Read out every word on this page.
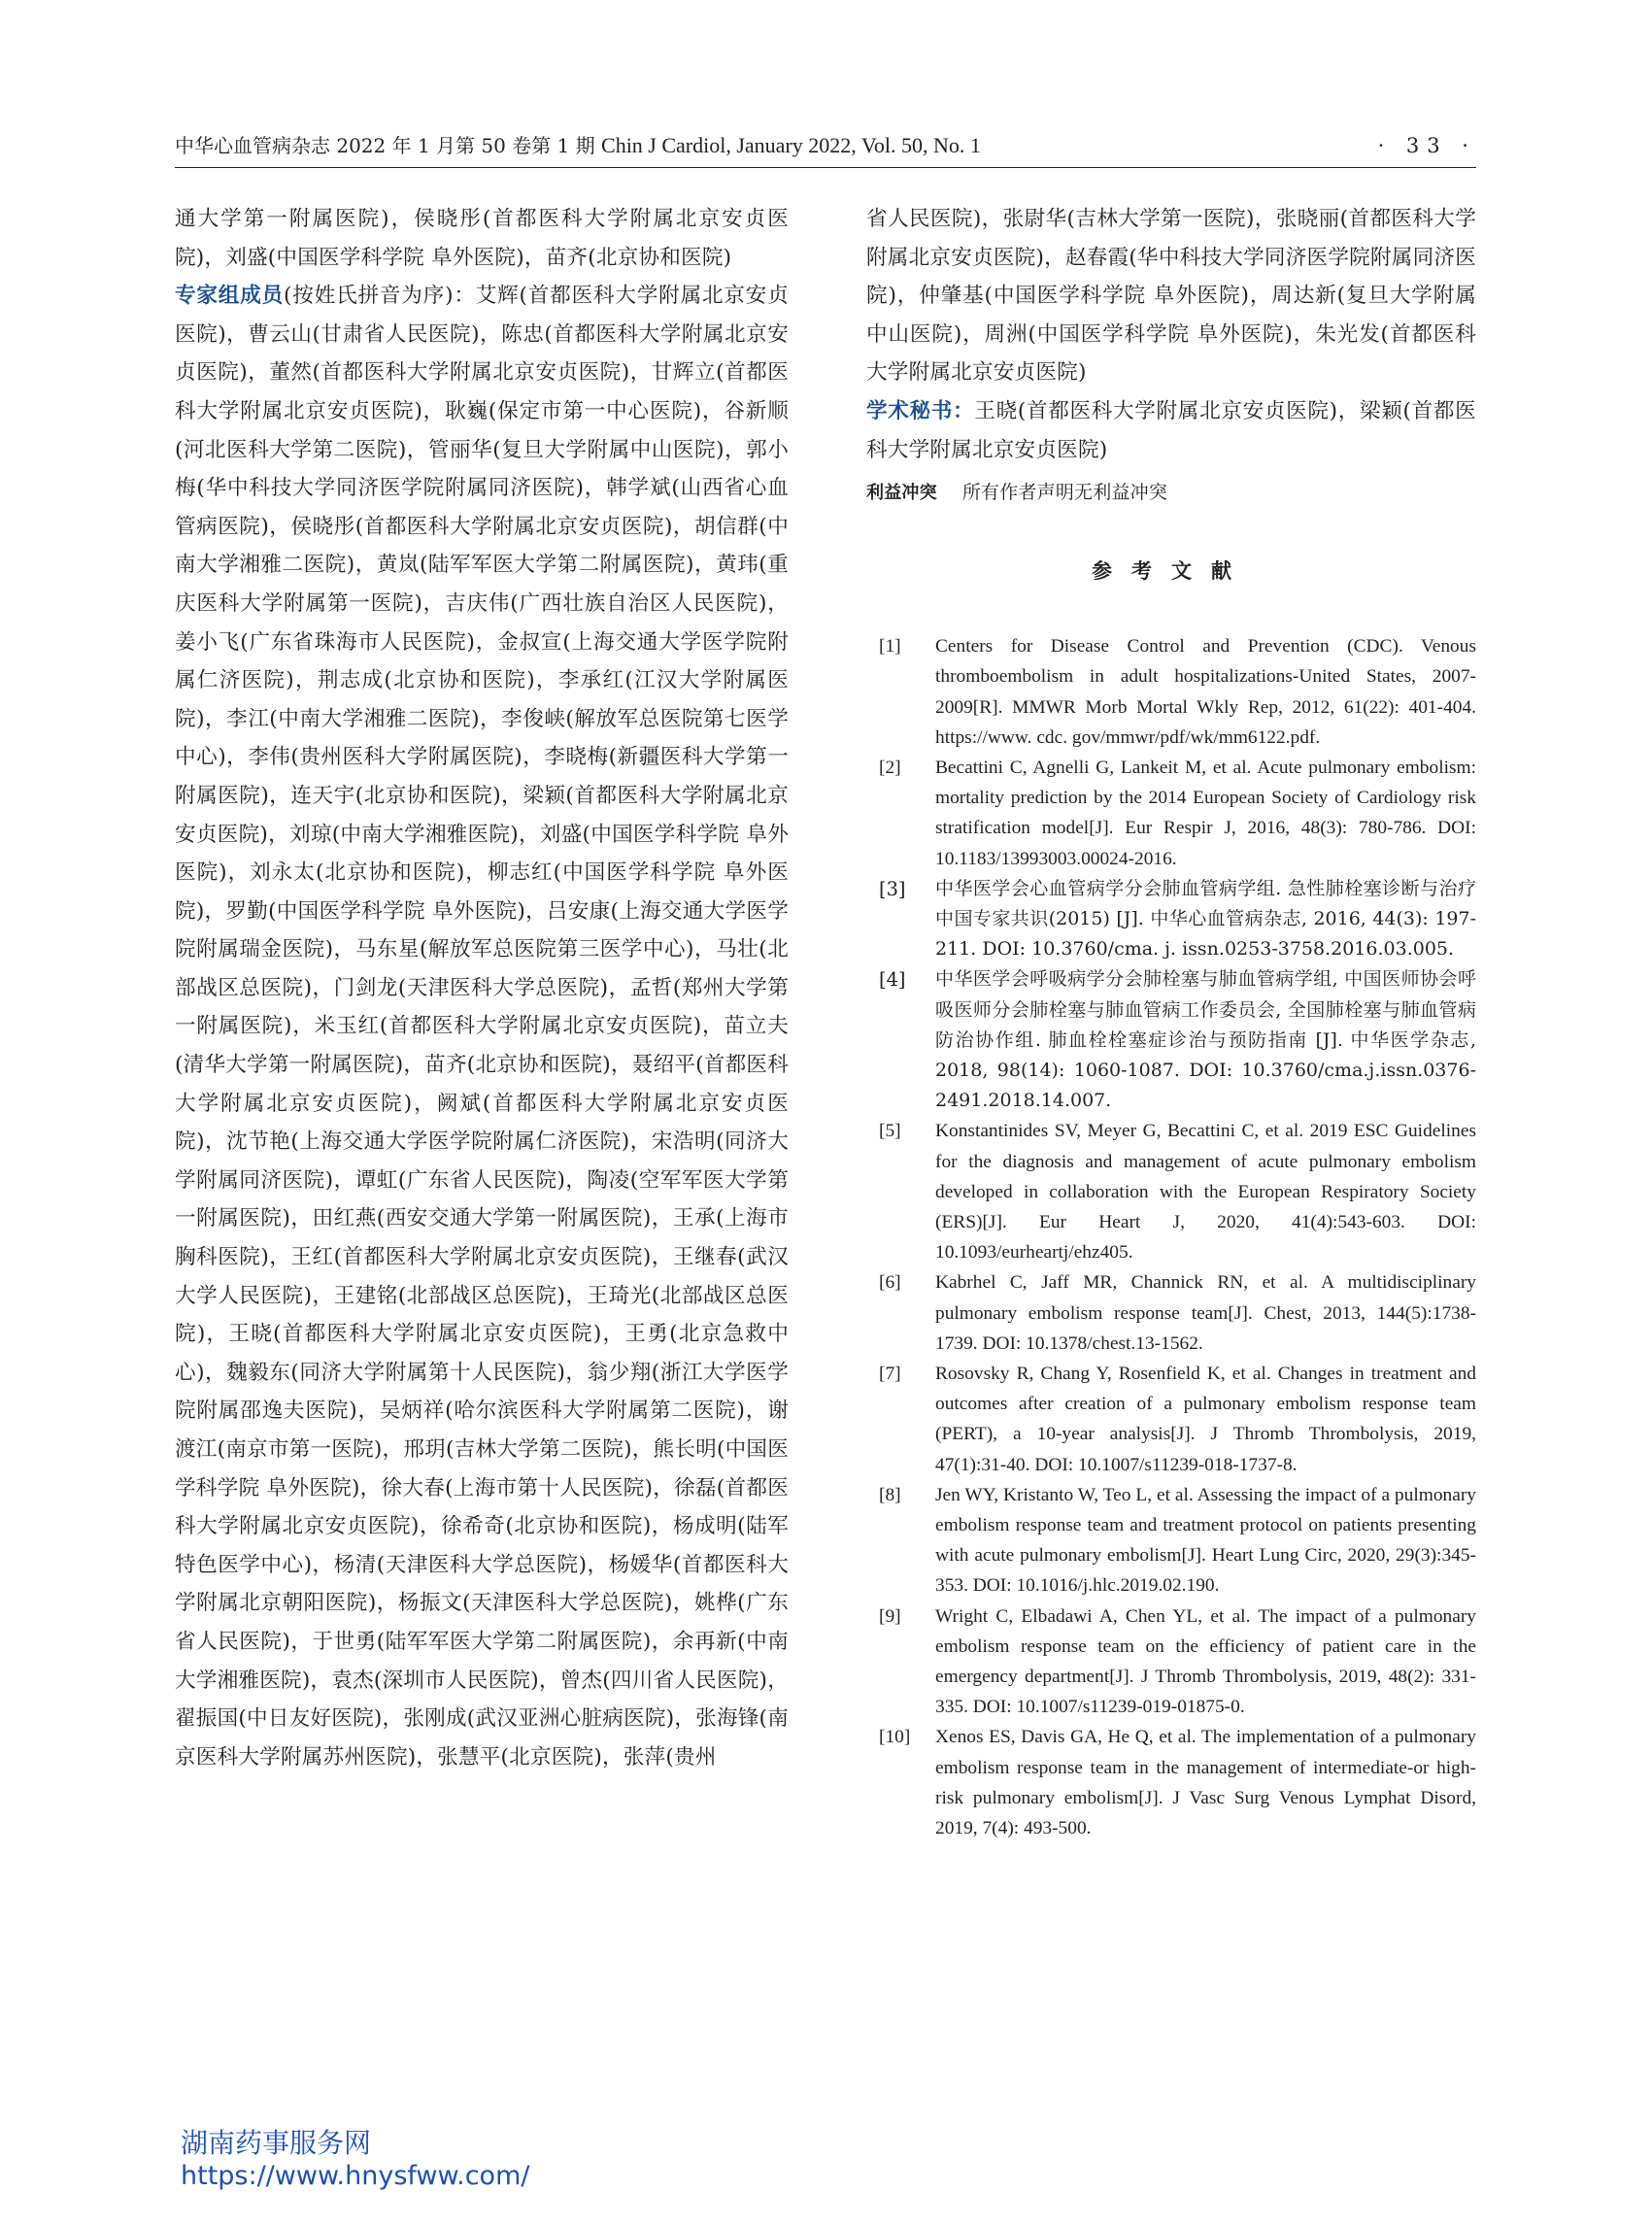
中华心血管病杂志 2022 年 1 月第 50 卷第 1 期 Chin J Cardiol, January 2022, Vol. 50, No. 1	· 33 ·

通大学第一附属医院)，侯晓彤(首都医科大学附属北京安贞医院)，刘盛(中国医学科学院 阜外医院)，苗齐(北京协和医院)

专家组成员(按姓氏拼音为序)：艾辉(首都医科大学附属北京安贞医院)，曹云山(甘肃省人民医院)，陈忠(首都医科大学附属北京安贞医院)，董然(首都医科大学附属北京安贞医院)，甘辉立(首都医科大学附属北京安贞医院)，耿巍(保定市第一中心医院)，谷新顺(河北医科大学第二医院)，管丽华(复旦大学附属中山医院)，郭小梅(华中科技大学同济医学院附属同济医院)，韩学斌(山西省心血管病医院)，侯晓彤(首都医科大学附属北京安贞医院)，胡信群(中南大学湘雅二医院)，黄岚(陆军军医大学第二附属医院)，黄玮(重庆医科大学附属第一医院)，吉庆伟(广西壮族自治区人民医院)，姜小飞(广东省珠海市人民医院)，金叔宣(上海交通大学医学院附属仁济医院)，荆志成(北京协和医院)，李承红(江汉大学附属医院)，李江(中南大学湘雅二医院)，李俊峡(解放军总医院第七医学中心)，李伟(贵州医科大学附属医院)，李晓梅(新疆医科大学第一附属医院)，连天宇(北京协和医院)，梁颖(首都医科大学附属北京安贞医院)，刘琼(中南大学湘雅医院)，刘盛(中国医学科学院 阜外医院)，刘永太(北京协和医院)，柳志红(中国医学科学院 阜外医院)，罗勤(中国医学科学院 阜外医院)，吕安康(上海交通大学医学院附属瑞金医院)，马东星(解放军总医院第三医学中心)，马壮(北部战区总医院)，门剑龙(天津医科大学总医院)，孟哲(郑州大学第一附属医院)，米玉红(首都医科大学附属北京安贞医院)，苗立夫(清华大学第一附属医院)，苗齐(北京协和医院)，聂绍平(首都医科大学附属北京安贞医院)，阙斌(首都医科大学附属北京安贞医院)，沈节艳(上海交通大学医学院附属仁济医院)，宋浩明(同济大学附属同济医院)，谭虹(广东省人民医院)，陶凌(空军军医大学第一附属医院)，田红燕(西安交通大学第一附属医院)，王承(上海市胸科医院)，王红(首都医科大学附属北京安贞医院)，王继春(武汉大学人民医院)，王建铭(北部战区总医院)，王琦光(北部战区总医院)，王晓(首都医科大学附属北京安贞医院)，王勇(北京急救中心)，魏毅东(同济大学附属第十人民医院)，翁少翔(浙江大学医学院附属邵逸夫医院)，吴炳祥(哈尔滨医科大学附属第二医院)，谢渡江(南京市第一医院)，邢玥(吉林大学第二医院)，熊长明(中国医学科学院 阜外医院)，徐大春(上海市第十人民医院)，徐磊(首都医科大学附属北京安贞医院)，徐希奇(北京协和医院)，杨成明(陆军特色医学中心)，杨清(天津医科大学总医院)，杨媛华(首都医科大学附属北京朝阳医院)，杨振文(天津医科大学总医院)，姚桦(广东省人民医院)，于世勇(陆军军医大学第二附属医院)，余再新(中南大学湘雅医院)，袁杰(深圳市人民医院)，曾杰(四川省人民医院)，翟振国(中日友好医院)，张刚成(武汉亚洲心脏病医院)，张海锋(南京医科大学附属苏州医院)，张慧平(北京医院)，张萍(贵州

省人民医院)，张尉华(吉林大学第一医院)，张晓丽(首都医科大学附属北京安贞医院)，赵春霞(华中科技大学同济医学院附属同济医院)，仲肇基(中国医学科学院 阜外医院)，周达新(复旦大学附属中山医院)，周洲(中国医学科学院 阜外医院)，朱光发(首都医科大学附属北京安贞医院)

学术秘书：王晓(首都医科大学附属北京安贞医院)，梁颖(首都医科大学附属北京安贞医院)

利益冲突 所有作者声明无利益冲突

参考文献
[1] Centers for Disease Control and Prevention (CDC). Venous thromboembolism in adult hospitalizations-United States, 2007-2009[R]. MMWR Morb Mortal Wkly Rep, 2012, 61(22): 401-404. https://www. cdc. gov/mmwr/pdf/wk/mm6122.pdf.
[2] Becattini C, Agnelli G, Lankeit M, et al. Acute pulmonary embolism: mortality prediction by the 2014 European Society of Cardiology risk stratification model[J]. Eur Respir J, 2016, 48(3): 780-786. DOI: 10.1183/13993003.00024-2016.
[3] 中华医学会心血管病学分会肺血管病学组. 急性肺栓塞诊断与治疗中国专家共识(2015) [J]. 中华心血管病杂志, 2016, 44(3): 197-211. DOI: 10.3760/cma. j. issn.0253-3758.2016.03.005.
[4] 中华医学会呼吸病学分会肺栓塞与肺血管病学组, 中国医师协会呼吸医师分会肺栓塞与肺血管病工作委员会, 全国肺栓塞与肺血管病防治协作组. 肺血栓栓塞症诊治与预防指南 [J]. 中华医学杂志, 2018, 98(14): 1060-1087. DOI: 10.3760/cma.j.issn.0376-2491.2018.14.007.
[5] Konstantinides SV, Meyer G, Becattini C, et al. 2019 ESC Guidelines for the diagnosis and management of acute pulmonary embolism developed in collaboration with the European Respiratory Society (ERS)[J]. Eur Heart J, 2020, 41(4):543-603. DOI: 10.1093/eurheartj/ehz405.
[6] Kabrhel C, Jaff MR, Channick RN, et al. A multidisciplinary pulmonary embolism response team[J]. Chest, 2013, 144(5):1738-1739. DOI: 10.1378/chest.13-1562.
[7] Rosovsky R, Chang Y, Rosenfield K, et al. Changes in treatment and outcomes after creation of a pulmonary embolism response team (PERT), a 10-year analysis[J]. J Thromb Thrombolysis, 2019, 47(1):31-40. DOI: 10.1007/s11239-018-1737-8.
[8] Jen WY, Kristanto W, Teo L, et al. Assessing the impact of a pulmonary embolism response team and treatment protocol on patients presenting with acute pulmonary embolism[J]. Heart Lung Circ, 2020, 29(3):345-353. DOI: 10.1016/j.hlc.2019.02.190.
[9] Wright C, Elbadawi A, Chen YL, et al. The impact of a pulmonary embolism response team on the efficiency of patient care in the emergency department[J]. J Thromb Thrombolysis, 2019, 48(2): 331-335. DOI: 10.1007/s11239-019-01875-0.
[10] Xenos ES, Davis GA, He Q, et al. The implementation of a pulmonary embolism response team in the management of intermediate-or high-risk pulmonary embolism[J]. J Vasc Surg Venous Lymphat Disord, 2019, 7(4): 493-500.
湖南药事服务网
https://www.hnysfww.com/
